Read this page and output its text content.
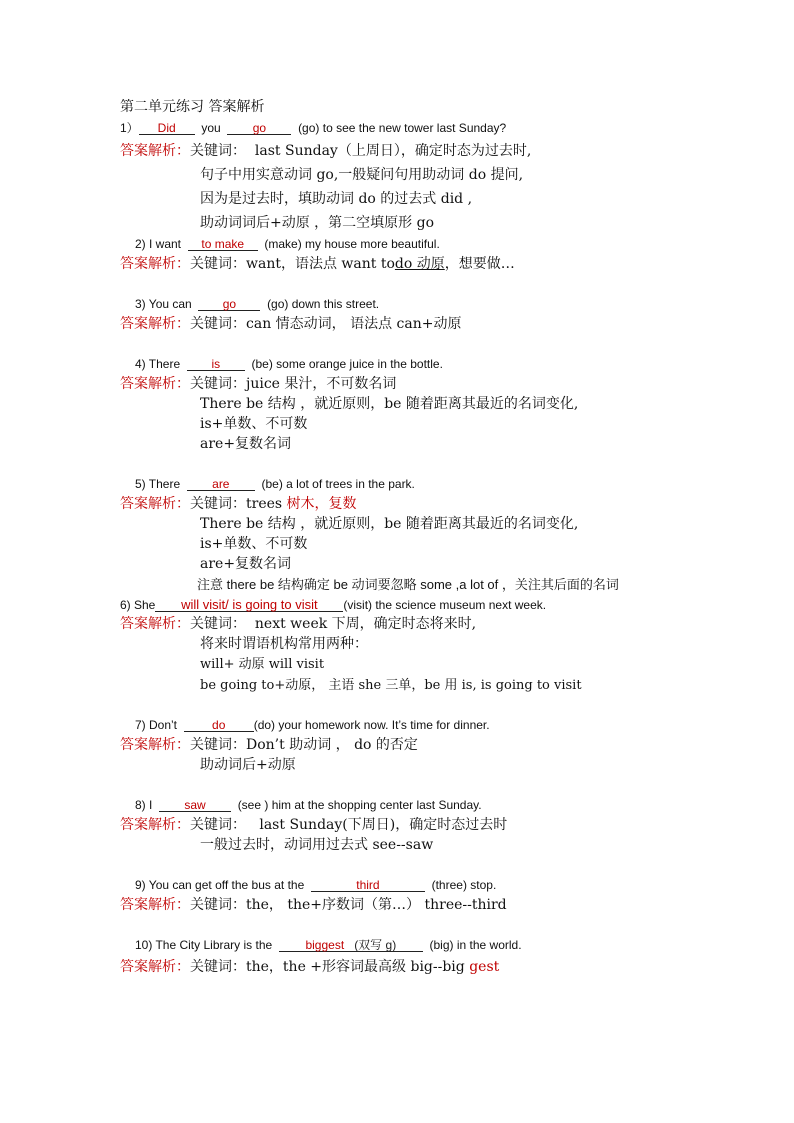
第二单元练习 答案解析
1） Did you	go	(go) to see the new tower last Sunday?
答案解析：关键词： last Sunday（上周日），确定时态为过去时,
句子中用实意动词 go,一般疑问句用助动词 do 提问,
因为是过去时，填助动词 do 的过去式 did ,
助动词词后+动原 ，第二空填原形 go
2) I want to make (make) my house more beautiful.
答案解析：关键词：want，语法点 want todo 动原，想要做…
3) You can	go	(go) down this street.
答案解析：关键词：can 情态动词， 语法点 can+动原
4) There	is	(be) some orange juice in the bottle.
答案解析：关键词：juice 果汁，不可数名词
There be 结构 ，就近原则，be 随着距离其最近的名词变化,
is+单数、不可数
are+复数名词
5) There	are	(be) a lot of trees in the park.
答案解析：关键词：trees 树木，复数
There be 结构 ，就近原则，be 随着距离其最近的名词变化,
is+单数、不可数
are+复数名词
注意 there be 结构确定 be 动词要忽略 some ,a lot of ，关注其后面的名词
6) She will visit/ is going to visit (visit) the science museum next week.
答案解析：关键词： next week 下周，确定时态将来时,
将来时谓语机构常用两种：
will+ 动原 will visit
be going to+动原， 主语 she 三单，be 用 is, is going to visit
7) Don’t	do (do) your homework now. It’s time for dinner.
答案解析：关键词：Don’t 助动词 ， do 的否定
助动词后+动原
8) I	saw	(see ) him at the shopping center last Sunday.
答案解析：关键词： last Sunday(下周日)，确定时态过去时
一般过去时，动词用过去式 see--saw
9) You can get off the bus at the	third	(three) stop.
答案解析：关键词：the， the+序数词（第…） three--third
10) The City Library is the	biggest (双写 g)	(big) in the world.
答案解析：关键词：the，the +形容词最高级 big--big gest
